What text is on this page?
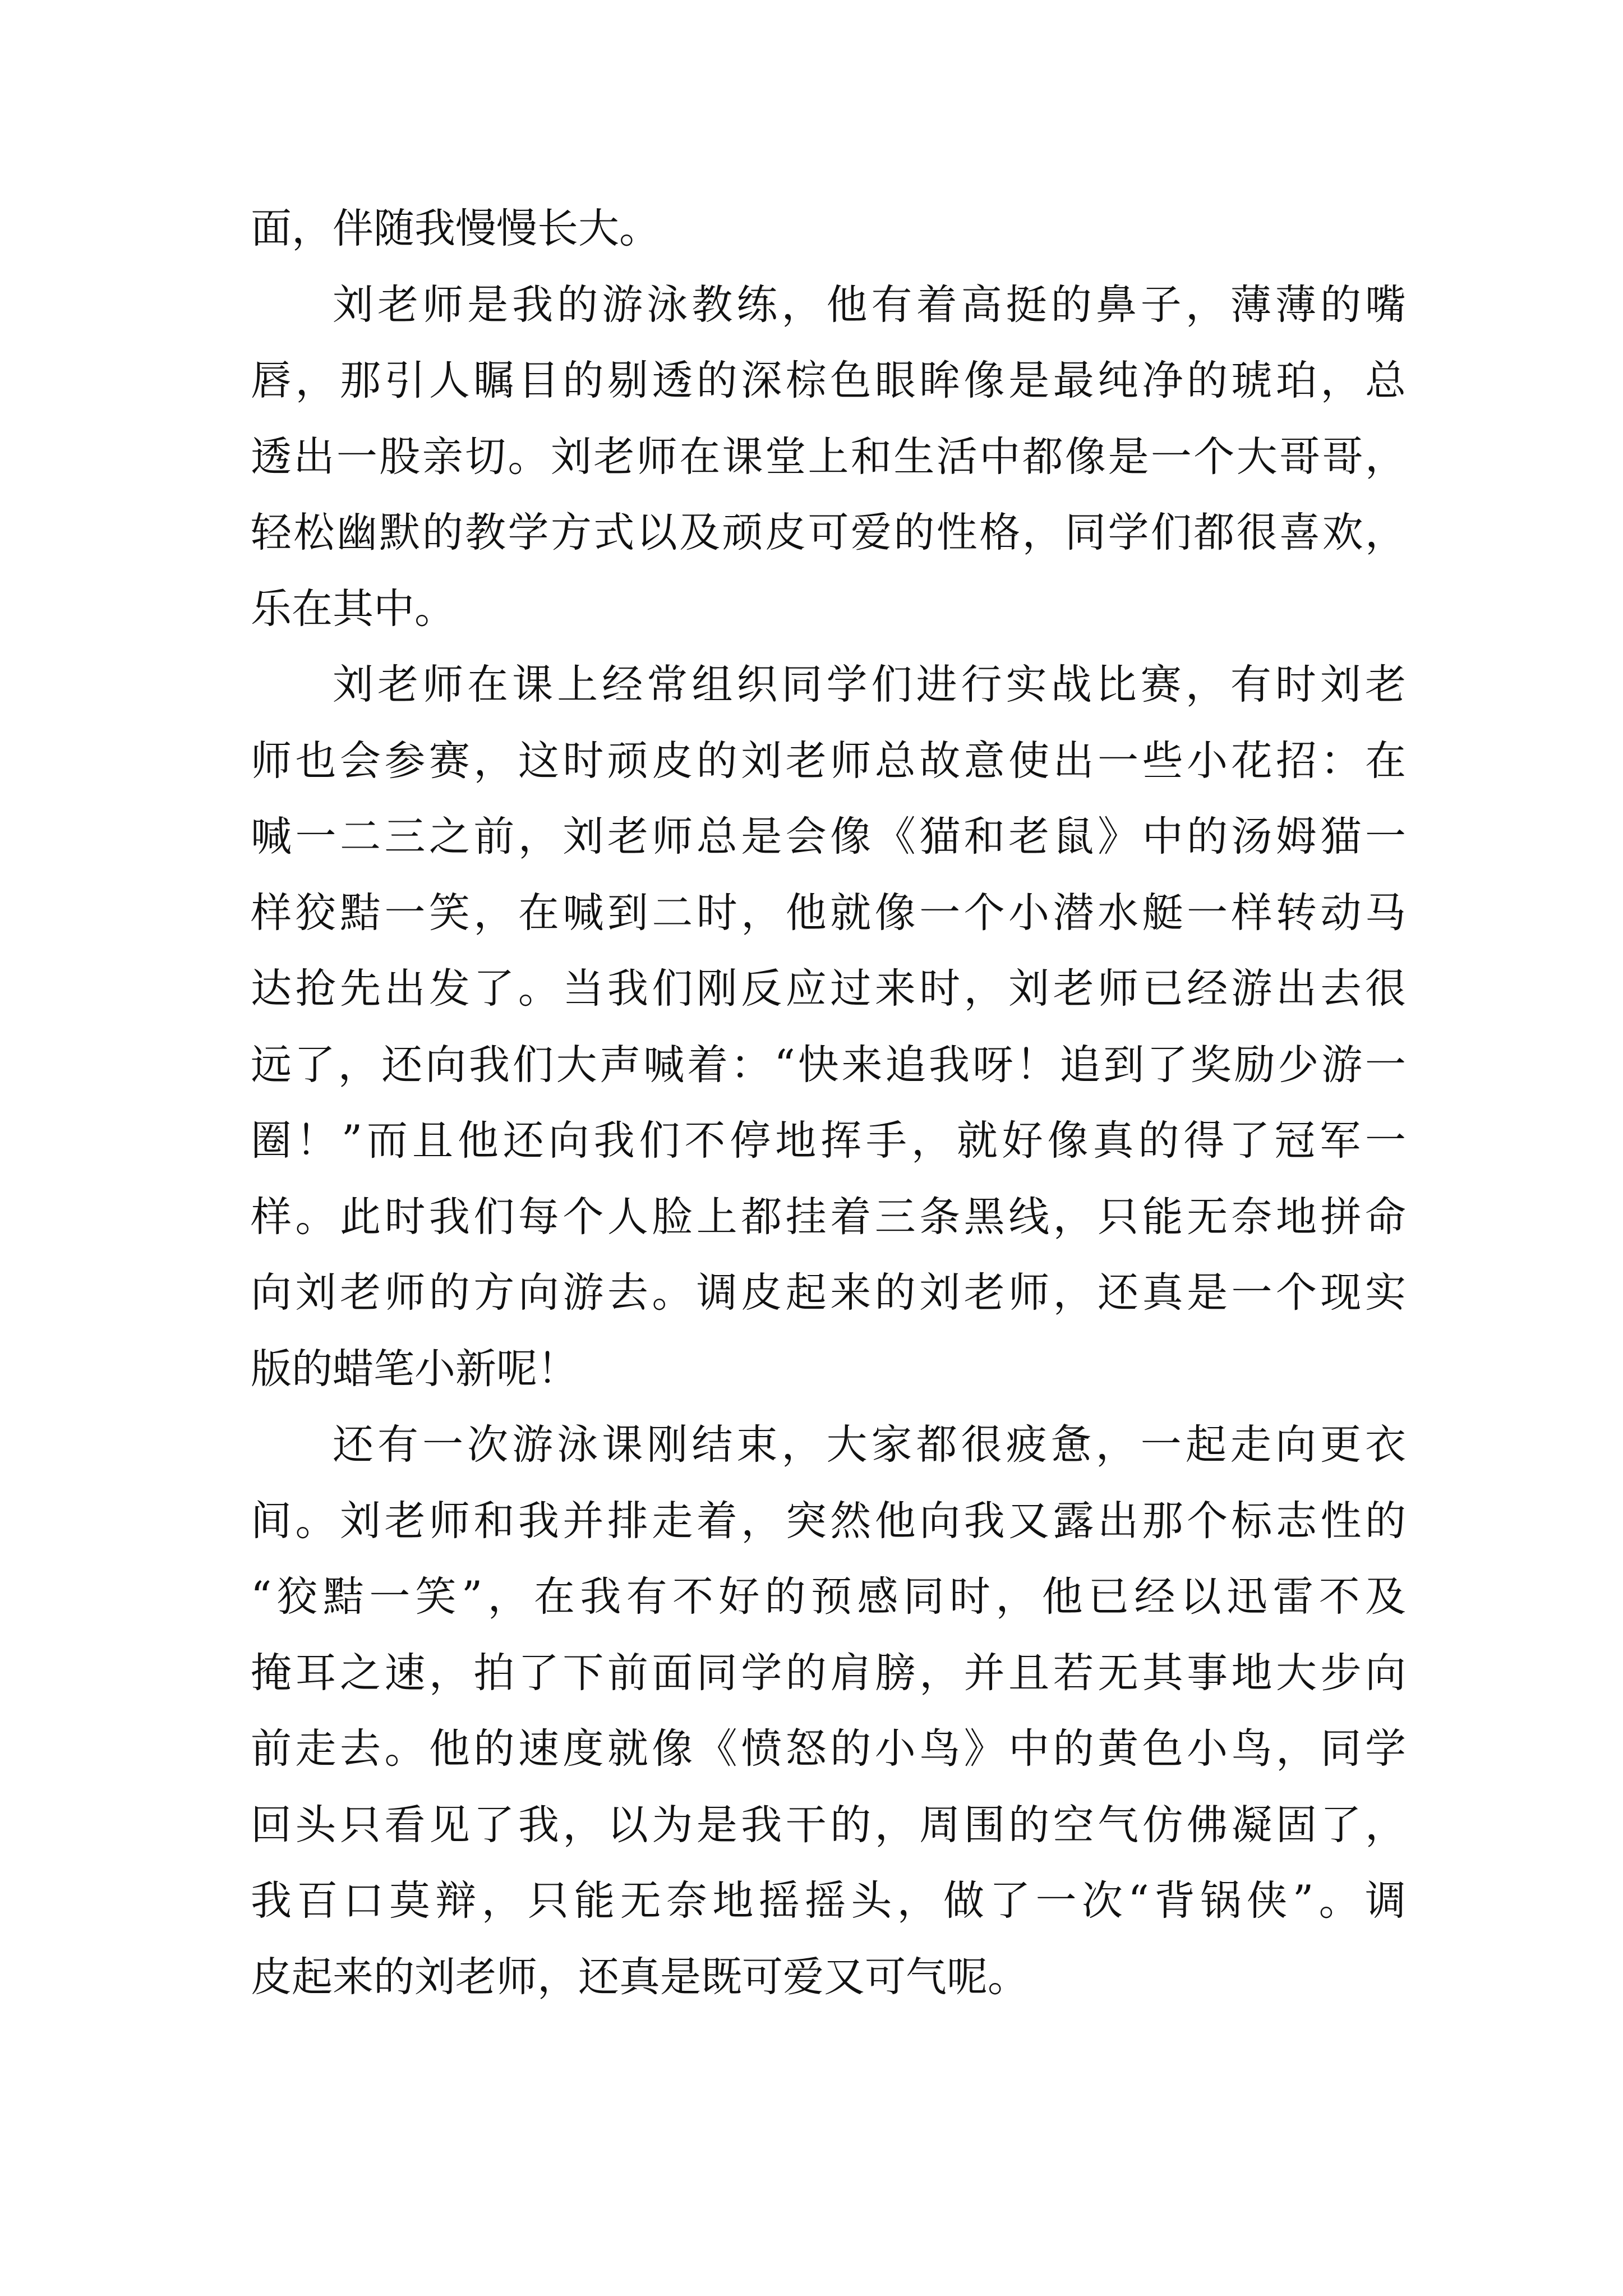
面，伴随我慢慢长大。
刘老师是我的游泳教练，他有着高挺的鼻子，薄薄的嘴
唇，那引人瞩目的剔透的深棕色眼眸像是最纯净的琥珀，总
透出一股亲切。刘老师在课堂上和生活中都像是一个大哥哥，
轻松幽默的教学方式以及顽皮可爱的性格，同学们都很喜欢，
乐在其中。
刘老师在课上经常组织同学们进行实战比赛，有时刘老
师也会参赛，这时顽皮的刘老师总故意使出一些小花招：在
喊一二三之前，刘老师总是会像《猫和老鼠》中的汤姆猫一
样狡黠一笑，在喊到二时，他就像一个小潜水艇一样转动马
达抢先出发了。当我们刚反应过来时，刘老师已经游出去很
远了，还向我们大声喊着：“快来追我呀！追到了奖励少游一
圈！”而且他还向我们不停地挥手，就好像真的得了冠军一
样。此时我们每个人脸上都挂着三条黑线，只能无奈地拼命
向刘老师的方向游去。调皮起来的刘老师，还真是一个现实
版的蜡笔小新呢！
还有一次游泳课刚结束，大家都很疲惫，一起走向更衣
间。刘老师和我并排走着，突然他向我又露出那个标志性的
“狡黠一笑”，在我有不好的预感同时，他已经以迅雷不及
掩耳之速，拍了下前面同学的肩膀，并且若无其事地大步向
前走去。他的速度就像《愤怒的小鸟》中的黄色小鸟，同学
回头只看见了我，以为是我干的，周围的空气仿佛凝固了，
我百口莫辩，只能无奈地摇摇头，做了一次“背锅侠”。调
皮起来的刘老师，还真是既可爱又可气呢。
